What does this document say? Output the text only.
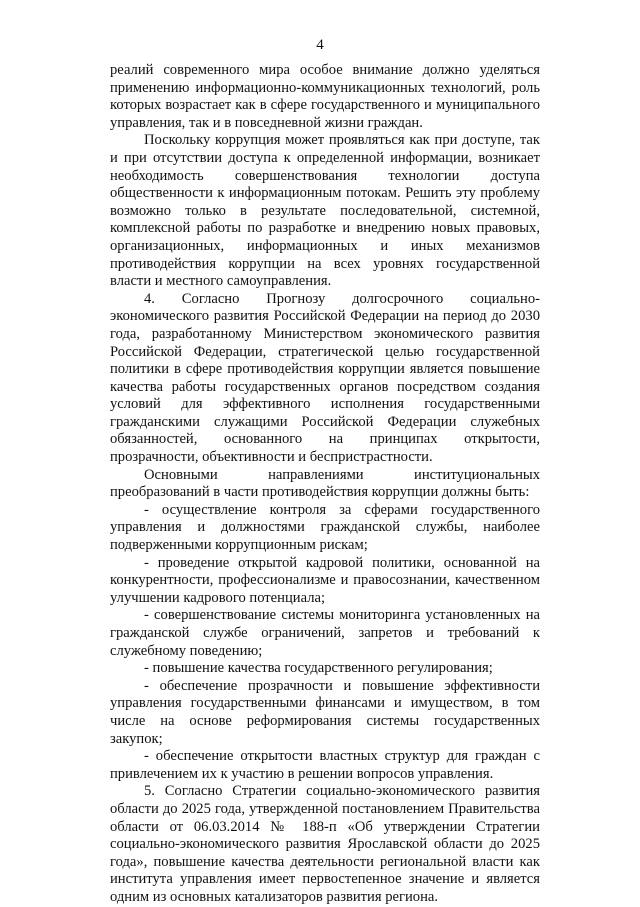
4

реалий современного мира особое внимание должно уделяться применению информационно-коммуникационных технологий, роль которых возрастает как в сфере государственного и муниципального управления, так и в повседневной жизни граждан.

Поскольку коррупция может проявляться как при доступе, так и при отсутствии доступа к определенной информации, возникает необходимость совершенствования технологии доступа общественности к информационным потокам. Решить эту проблему возможно только в результате последовательной, системной, комплексной работы по разработке и внедрению новых правовых, организационных, информационных и иных механизмов противодействия коррупции на всех уровнях государственной власти и местного самоуправления.

4. Согласно Прогнозу долгосрочного социально-экономического развития Российской Федерации на период до 2030 года, разработанному Министерством экономического развития Российской Федерации, стратегической целью государственной политики в сфере противодействия коррупции является повышение качества работы государственных органов посредством создания условий для эффективного исполнения государственными гражданскими служащими Российской Федерации служебных обязанностей, основанного на принципах открытости, прозрачности, объективности и беспристрастности.

Основными направлениями институциональных преобразований в части противодействия коррупции должны быть:

- осуществление контроля за сферами государственного управления и должностями гражданской службы, наиболее подверженными коррупционным рискам;

- проведение открытой кадровой политики, основанной на конкурентности, профессионализме и правосознании, качественном улучшении кадрового потенциала;

- совершенствование системы мониторинга установленных на гражданской службе ограничений, запретов и требований к служебному поведению;

- повышение качества государственного регулирования;

- обеспечение прозрачности и повышение эффективности управления государственными финансами и имуществом, в том числе на основе реформирования системы государственных закупок;

- обеспечение открытости властных структур для граждан с привлечением их к участию в решении вопросов управления.

5. Согласно Стратегии социально-экономического развития области до 2025 года, утвержденной постановлением Правительства области от 06.03.2014 № 188-п «Об утверждении Стратегии социально-экономического развития Ярославской области до 2025 года», повышение качества деятельности региональной власти как института управления имеет первостепенное значение и является одним из основных катализаторов развития региона.
